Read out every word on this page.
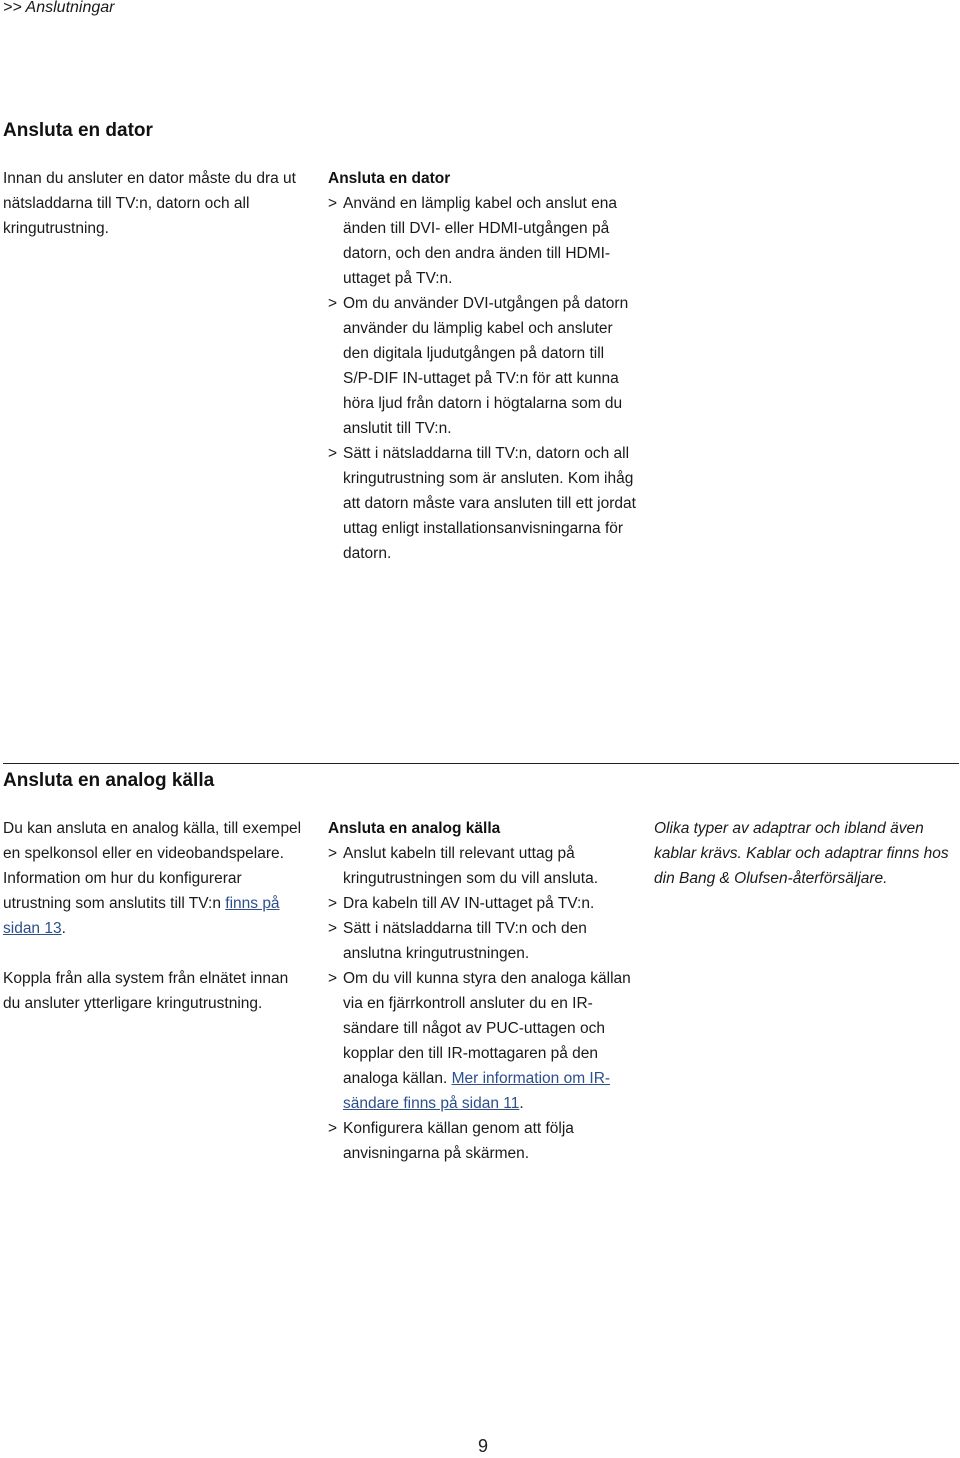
>> Anslutningar
Ansluta en dator

Innan du ansluter en dator måste du dra ut nätsladdarna till TV:n, datorn och all kringutrustning.

Ansluta en dator

> Använd en lämplig kabel och anslut ena änden till DVI- eller HDMI-utgången på datorn, och den andra änden till HDMI-uttaget på TV:n.
> Om du använder DVI-utgången på datorn använder du lämplig kabel och ansluter den digitala ljudutgången på datorn till S/P-DIF IN-uttaget på TV:n för att kunna höra ljud från datorn i högtalarna som du anslutit till TV:n.
> Sätt i nätsladdarna till TV:n, datorn och all kringutrustning som är ansluten. Kom ihåg att datorn måste vara ansluten till ett jordat uttag enligt installationsanvisningarna för datorn.
Ansluta en analog källa

Du kan ansluta en analog källa, till exempel en spelkonsol eller en videobandspelare. Information om hur du konfigurerar utrustning som anslutits till TV:n finns på sidan 13.

Koppla från alla system från elnätet innan du ansluter ytterligare kringutrustning.

Ansluta en analog källa

> Anslut kabeln till relevant uttag på kringutrustningen som du vill ansluta.
> Dra kabeln till AV IN-uttaget på TV:n.
> Sätt i nätsladdarna till TV:n och den anslutna kringutrustningen.
> Om du vill kunna styra den analoga källan via en fjärrkontroll ansluter du en IR-sändare till något av PUC-uttagen och kopplar den till IR-mottagaren på den analoga källan. Mer information om IR-sändare finns på sidan 11.
> Konfigurera källan genom att följa anvisningarna på skärmen.

Olika typer av adaptrar och ibland även kablar krävs. Kablar och adaptrar finns hos din Bang & Olufsen-återförsäljare.

9
